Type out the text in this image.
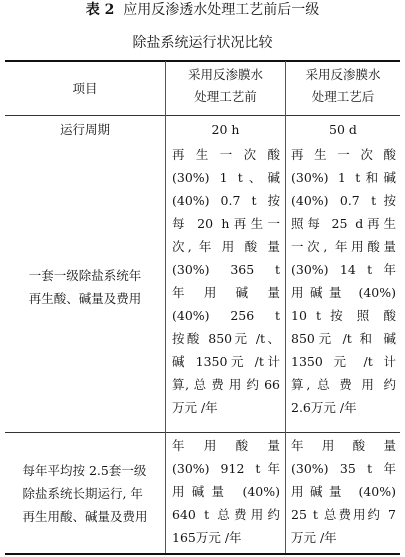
表 2 应用反渗透水处理工艺前后一级
除盐系统运行状况比较
项目
采用反渗膜水
处理工艺前
采用反渗膜水
处理工艺后
运行周期	20 h	50 d
一套一级除盐系统年
再生酸、碱量及费用
再 生 一 次 酸
(30%) 1 t、碱
(40%) 0.7 t 按
每 20 h再生一
次, 年 用 酸 量
(30%) 365 t
年 用 碱 量
(40%) 256 t
按酸 850元 /t、
碱 1350元 /t计
算, 总 费 用 约 66
万元 /年
再 生 一 次 酸
(30%) 1 t和碱
(40%) 0.7 t按
照每 25 d再生
一次, 年用酸量
(30%) 14 t 年
用碱量 (40%)
10 t 按 照 酸
850元 /t 和 碱
1350 元 /t 计
算, 总 费 用 约
2.6万元 /年
每年平均按 2.5套一级
除盐系统长期运行, 年
再生用酸、碱量及费用
年 用 酸 量
(30%) 912 t年
用碱量 (40%)
640 t 总费用约
165万元 /年
年 用 酸 量
(30%) 35 t 年
用碱量 (40%)
25 t 总费用约 7
万元 /年
